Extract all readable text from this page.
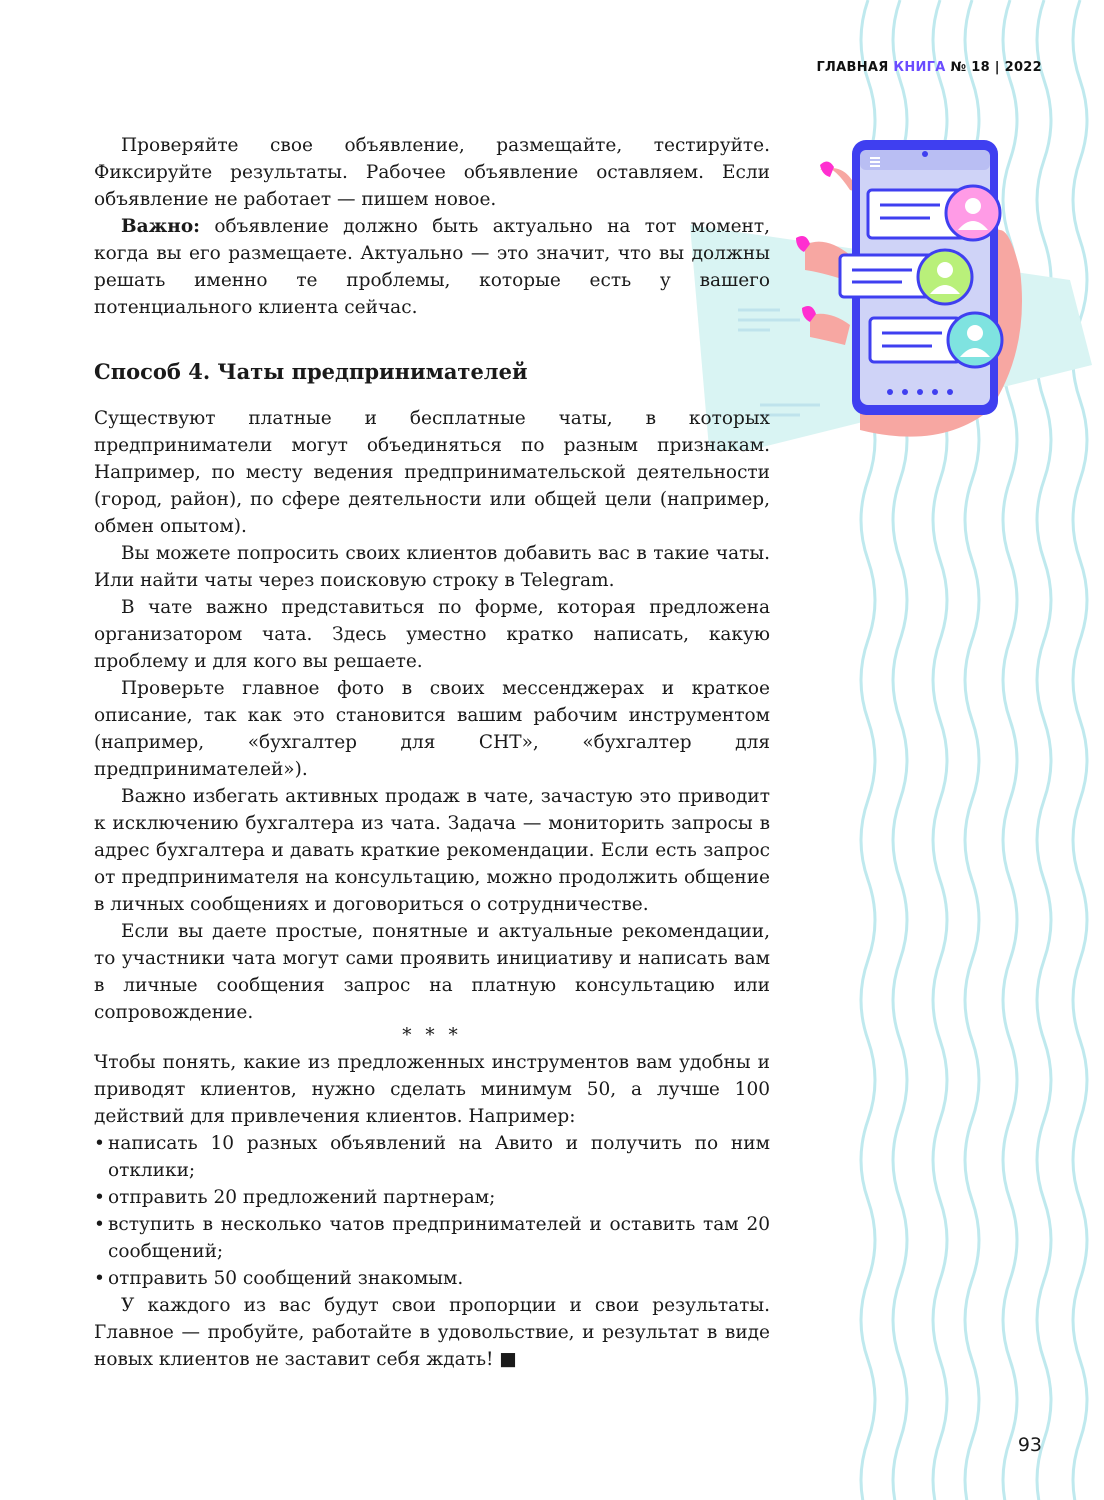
ГЛАВНАЯ КНИГА № 18 | 2022

Проверяйте свое объявление, размещайте, тестируйте. Фиксируйте результаты. Рабочее объявление оставляем. Если объявление не работает — пишем новое.

Важно: объявление должно быть актуально на тот момент, когда вы его размещаете. Актуально — это значит, что вы должны решать именно те проблемы, которые есть у вашего потенциального клиента сейчас.

Способ 4. Чаты предпринимателей

Существуют платные и бесплатные чаты, в которых предприниматели могут объединяться по разным признакам. Например, по месту ведения предпринимательской деятельности (город, район), по сфере деятельности или общей цели (например, обмен опытом).

Вы можете попросить своих клиентов добавить вас в такие чаты. Или найти чаты через поисковую строку в Telegram.

В чате важно представиться по форме, которая предложена организатором чата. Здесь уместно кратко написать, какую проблему и для кого вы решаете.

Проверьте главное фото в своих мессенджерах и краткое описание, так как это становится вашим рабочим инструментом (например, «бухгалтер для СНТ», «бухгалтер для предпринимателей»).

Важно избегать активных продаж в чате, зачастую это приводит к исключению бухгалтера из чата. Задача — мониторить запросы в адрес бухгалтера и давать краткие рекомендации. Если есть запрос от предпринимателя на консультацию, можно продолжить общение в личных сообщениях и договориться о сотрудничестве.

Если вы даете простые, понятные и актуальные рекомендации, то участники чата могут сами проявить инициативу и написать вам в личные сообщения запрос на платную консультацию или сопровождение.

* * *

Чтобы понять, какие из предложенных инструментов вам удобны и приводят клиентов, нужно сделать минимум 50, а лучше 100 действий для привлечения клиентов. Например:

• написать 10 разных объявлений на Авито и получить по ним отклики;
• отправить 20 предложений партнерам;
• вступить в несколько чатов предпринимателей и оставить там 20 сообщений;
• отправить 50 сообщений знакомым.

У каждого из вас будут свои пропорции и свои результаты. Главное — пробуйте, работайте в удовольствие, и результат в виде новых клиентов не заставит себя ждать! ■

93
